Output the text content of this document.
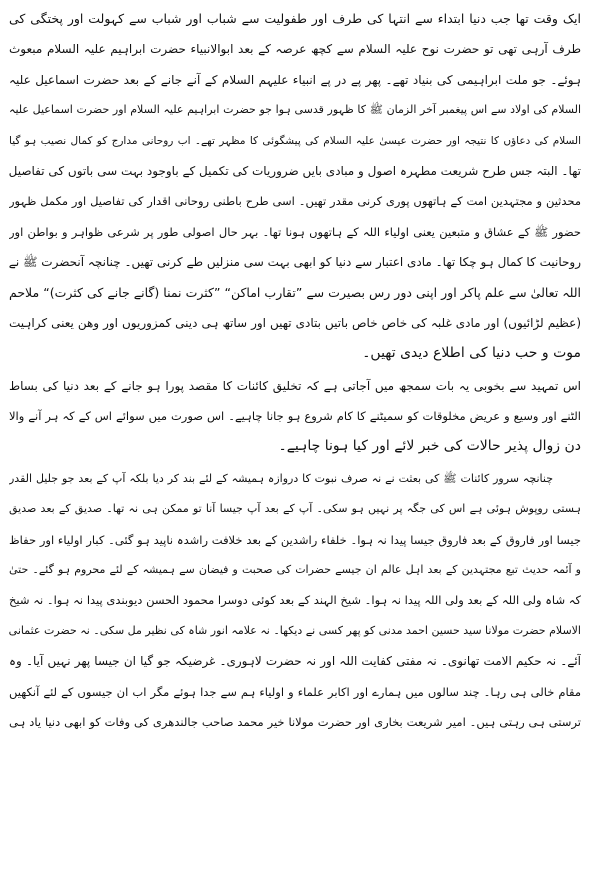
ایک وقت تھا جب دنیا ابتداء سے انتہا کی طرف اور طفولیت سے شباب اور شباب سے کہولت اور پختگی کی
طرف آرہی تھی تو حضرت نوح علیہ السلام سے کچھ عرصہ کے بعد ابوالانبیاء حضرت ابراہیم علیہ السلام مبعوث
ہوئے۔ جو ملت ابراہیمی کی بنیاد تھے۔ پھر پے در پے انبیاء علیہم السلام کے آنے جانے کے بعد حضرت اسماعیل علیہ
السلام کی اولاد سے اس پیغمبر آخر الزمان ﷺ کا ظہور قدسی ہوا جو حضرت ابراہیم علیہ السلام اور حضرت اسماعیل علیہ
السلام کی دعاؤں کا نتیجہ اور حضرت عیسیٰ علیہ السلام کی پیشگوئی کا مظہر تھے۔ اب روحانی مدارج کو کمال نصیب ہو گیا
تھا۔ البتہ جس طرح شریعت مطہرہ اصول و مبادی بایں ضروریات کی تکمیل کے باوجود بہت سی باتوں کی تفاصیل
محدثین و مجتہدین امت کے ہاتھوں پوری کرنی مقدر تھیں۔ اسی طرح باطنی روحانی اقدار کی تفاصیل اور مکمل ظہور
حضور ﷺ کے عشاق و متبعین یعنی اولیاء اللہ کے ہاتھوں ہونا تھا۔ بہر حال اصولی طور پر شرعی ظواہر و بواطن اور
روحانیت کا کمال ہو چکا تھا۔ مادی اعتبار سے دنیا کو ابھی بہت سی منزلیں طے کرنی تھیں۔ چنانچہ آنحضرت ﷺ نے
اللہ تعالیٰ سے علم پاکر اور اپنی دور رس بصیرت سے ”تقارب اماکن“ ”کثرت نمنا (گانے جانے کی کثرت)“ ملاحم
(عظیم لڑائیوں) اور مادی غلبہ کی خاص خاص باتیں بتادی تھیں اور ساتھ ہی دینی کمزوریوں اور وھن یعنی کراہیت
موت و حب دنیا کی اطلاع دیدی تھیں۔
اس تمہید سے بخوبی یہ بات سمجھ میں آجاتی ہے کہ تخلیق کائنات کا مقصد پورا ہو جانے کے بعد دنیا کی بساط
الٹنے اور وسیع و عریض مخلوقات کو سمیٹنے کا کام شروع ہو جانا چاہیے۔ اس صورت میں سوائے اس کے کہ ہر آنے والا
دن زوال پذیر حالات کی خبر لائے اور کیا ہونا چاہیے۔
چنانچہ سرور کائنات ﷺ کی بعثت نے نہ صرف نبوت کا دروازہ ہمیشہ کے لئے بند کر دیا بلکہ آپ کے بعد جو جلیل القدر
ہستی روپوش ہوئی ہے اس کی جگہ پر نہیں ہو سکی۔ آپ کے بعد آپ جیسا آنا تو ممکن ہی نہ تھا۔ صدیق کے بعد صدیق
جیسا اور فاروق کے بعد فاروق جیسا پیدا نہ ہوا۔ خلفاء راشدین کے بعد خلافت راشدہ ناپید ہو گئی۔ کبار اولیاء اور حفاظ
و آئمہ حدیث تبع مجتہدین کے بعد اہل عالم ان جیسے حضرات کی صحبت و فیضان سے ہمیشہ کے لئے محروم ہو گئے۔ حتیٰ
کہ شاہ ولی اللہ کے بعد ولی اللہ پیدا نہ ہوا۔ شیخ الہند کے بعد کوئی دوسرا محمود الحسن دیوبندی پیدا نہ ہوا۔ نہ شیخ
الاسلام حضرت مولانا سید حسین احمد مدنی کو پھر کسی نے دیکھا۔ نہ علامہ انور شاہ کی نظیر مل سکی۔ نہ حضرت عثمانی
آئے۔ نہ حکیم الامت تھانوی۔ نہ مفتی کفایت اللہ اور نہ حضرت لاہوری۔ غرضیکہ جو گیا ان جیسا پھر نہیں آیا۔ وہ
مقام خالی ہی رہا۔ چند سالوں میں ہمارے اور اکابر علماء و اولیاء ہم سے جدا ہوئے مگر اب ان جیسوں کے لئے آنکھیں
ترستی ہی رہتی ہیں۔ امیر شریعت بخاری اور حضرت مولانا خیر محمد صاحب جالندھری کی وفات کو ابھی دنیا یاد ہی
